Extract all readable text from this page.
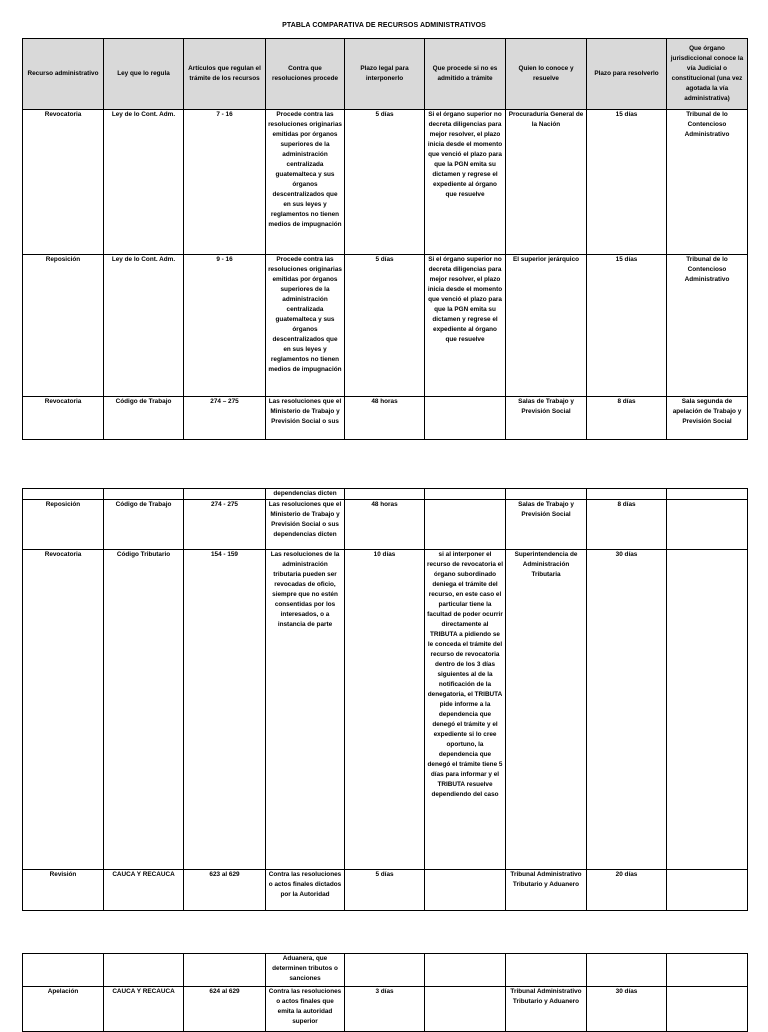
PTABLA COMPARATIVA DE RECURSOS ADMINISTRATIVOS
Recurso administrativo	Ley que lo regula	Artículos que regulan el trámite de los recursos	Contra que resoluciones procede	Plazo legal para interponerlo	Que procede si no es admitido a trámite	Quien lo conoce y resuelve	Plazo para resolverlo	Que órgano jurisdiccional conoce la vía Judicial o constitucional (una vez agotada la vía administrativa)
Revocatoria	Ley de lo Cont. Adm.	7 - 16	Procede contra las resoluciones originarias emitidas por órganos superiores de la administración centralizada guatemalteca y sus órganos descentralizados que en sus leyes y reglamentos no tienen medios de impugnación	5 días	Si el órgano superior no decreta diligencias para mejor resolver, el plazo inicia desde el momento que venció el plazo para que la PGN emita su dictamen y regrese el expediente al órgano que resuelve	Procuraduría General de la Nación	15 días	Tribunal de lo Contencioso Administrativo
Reposición	Ley de lo Cont. Adm.	9 - 16	Procede contra las resoluciones originarias emitidas por órganos superiores de la administración centralizada guatemalteca y sus órganos descentralizados que en sus leyes y reglamentos no tienen medios de impugnación	5 días	Si el órgano superior no decreta diligencias para mejor resolver, el plazo inicia desde el momento que venció el plazo para que la PGN emita su dictamen y regrese el expediente al órgano que resuelve	El superior jerárquico	15 días	Tribunal de lo Contencioso Administrativo
Revocatoria	Código de Trabajo	274 – 275	Las resoluciones que el Ministerio de Trabajo y Previsión Social o sus	48 horas		Salas de Trabajo y Previsión Social	8 días	Sala segunda de apelación de Trabajo y Previsión Social
			dependencias dicten					
Reposición	Código de Trabajo	274 - 275	Las resoluciones que el Ministerio de Trabajo y Previsión Social o sus dependencias dicten	48 horas		Salas de Trabajo y Previsión Social	8 días	
Revocatoria	Código Tributario	154 - 159	Las resoluciones de la administración tributaria pueden ser revocadas de oficio, siempre que no estén consentidas por los interesados, o a instancia de parte	10 días	si al interponer el recurso de revocatoria el órgano subordinado deniega el trámite del recurso, en este caso el particular tiene la facultad de poder ocurrir directamente al TRIBUTA a pidiendo se le conceda el trámite del recurso de revocatoria dentro de los 3 días siguientes al de la notificación de la denegatoria, el TRIBUTA pide informe a la dependencia que denegó el trámite y el expediente si lo cree oportuno, la dependencia que denegó el trámite tiene 5 días para informar y el TRIBUTA resuelve dependiendo del caso	Superintendencia de Administración Tributaria	30 días	
Revisión	CAUCA Y RECAUCA	623 al 629	Contra las resoluciones o actos finales dictados por la Autoridad	5 días		Tribunal Administrativo Tributario y Aduanero	20 días	
			Aduanera, que determinen tributos o sanciones					
Apelación	CAUCA Y RECAUCA	624 al 629	Contra las resoluciones o actos finales que emita la autoridad superior	3 días		Tribunal Administrativo Tributario y Aduanero	30 días	
